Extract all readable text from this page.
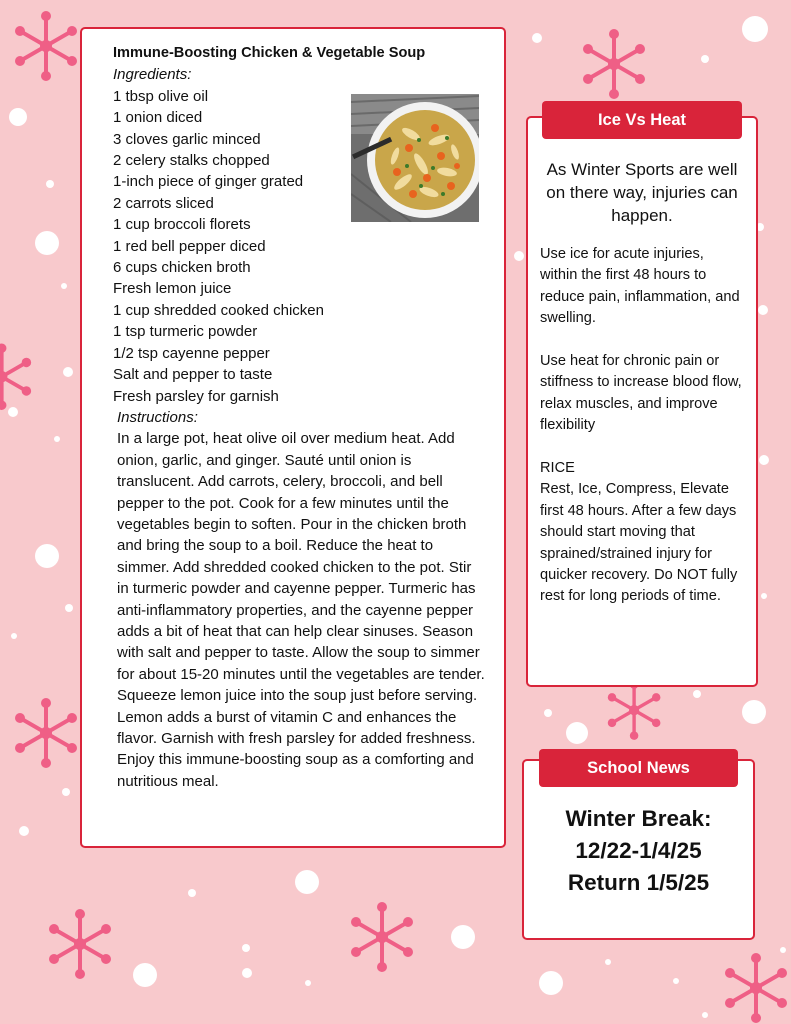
Immune-Boosting Chicken & Vegetable Soup
Ingredients:
1 tbsp olive oil
1 onion diced
3 cloves garlic minced
2 celery stalks chopped
1-inch piece of ginger grated
2 carrots sliced
1 cup broccoli florets
1 red bell pepper diced
6 cups chicken broth
Fresh lemon juice
1 cup shredded cooked chicken
1 tsp turmeric powder
1/2 tsp cayenne pepper
Salt and pepper to taste
Fresh parsley for garnish
Instructions:
In a large pot, heat olive oil over medium heat. Add onion, garlic, and ginger. Sauté until onion is translucent. Add carrots, celery, broccoli, and bell pepper to the pot. Cook for a few minutes until the vegetables begin to soften. Pour in the chicken broth and bring the soup to a boil. Reduce the heat to simmer. Add shredded cooked chicken to the pot. Stir in turmeric powder and cayenne pepper. Turmeric has anti-inflammatory properties, and the cayenne pepper adds a bit of heat that can help clear sinuses. Season with salt and pepper to taste. Allow the soup to simmer for about 15-20 minutes until the vegetables are tender. Squeeze lemon juice into the soup just before serving. Lemon adds a burst of vitamin C and enhances the flavor. Garnish with fresh parsley for added freshness. Enjoy this immune-boosting soup as a comforting and nutritious meal.

As Winter Sports are well on there way, injuries can happen.

Use ice for acute injuries, within the first 48 hours to reduce pain, inflammation, and swelling.

Use heat for chronic pain or stiffness to increase blood flow, relax muscles, and improve flexibility

RICE

Rest, Ice, Compress, Elevate first 48 hours. After a few days should start moving that sprained/strained injury for quicker recovery. Do NOT fully rest for long periods of time.

Ice Vs Heat
Winter Break:
12/22-1/4/25
Return 1/5/25
School News
